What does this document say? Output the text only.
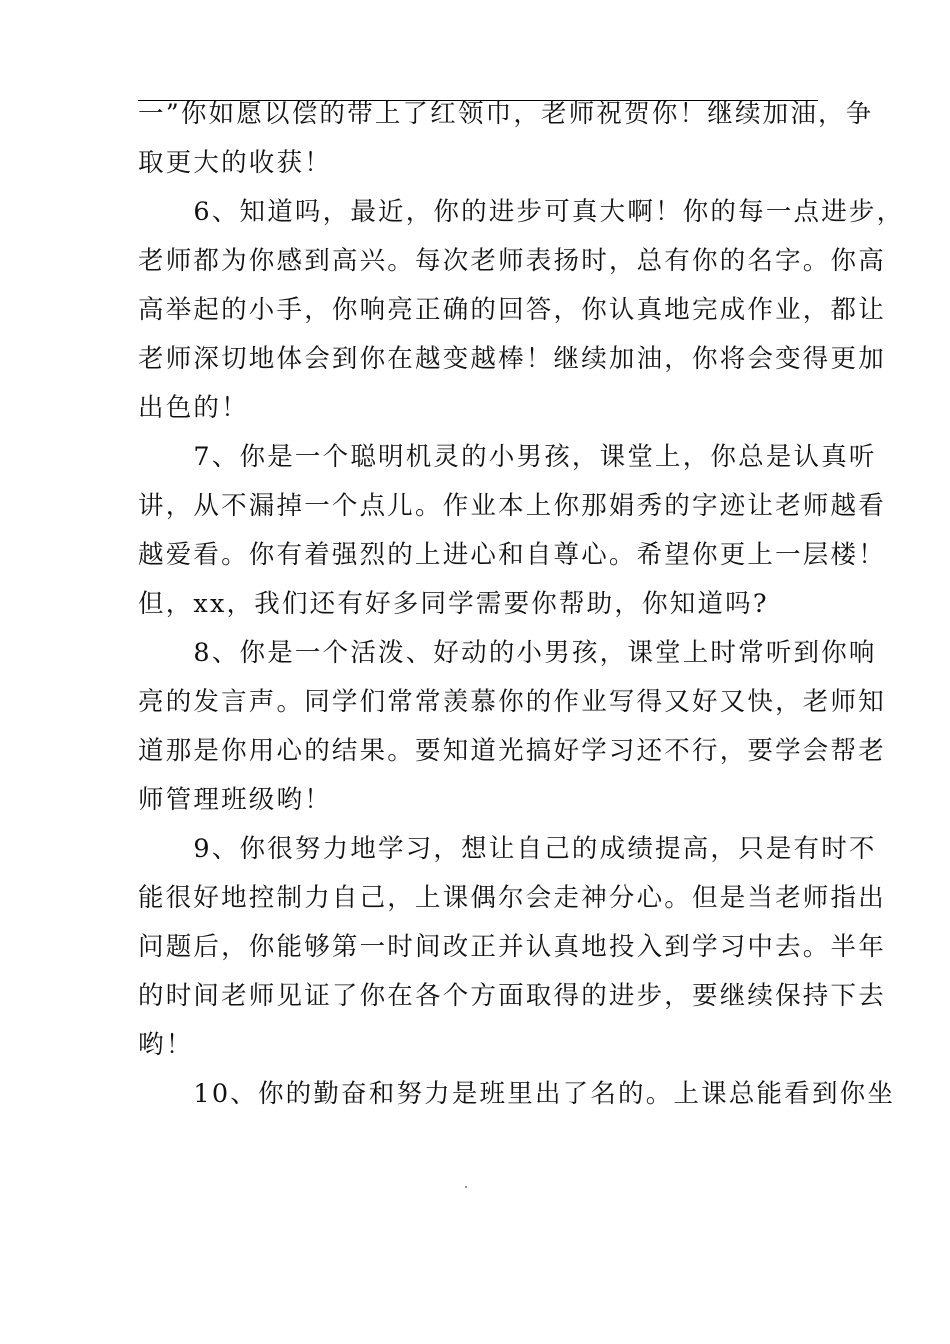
一”你如愿以偿的带上了红领巾，老师祝贺你！继续加油，争
取更大的收获！
　　6、知道吗，最近，你的进步可真大啊！你的每一点进步，
老师都为你感到高兴。每次老师表扬时，总有你的名字。你高
高举起的小手，你响亮正确的回答，你认真地完成作业，都让
老师深切地体会到你在越变越棒！继续加油，你将会变得更加
出色的！
　　7、你是一个聪明机灵的小男孩，课堂上，你总是认真听
讲，从不漏掉一个点儿。作业本上你那娟秀的字迹让老师越看
越爱看。你有着强烈的上进心和自尊心。希望你更上一层楼！
但，xx，我们还有好多同学需要你帮助，你知道吗?
　　8、你是一个活泼、好动的小男孩，课堂上时常听到你响
亮的发言声。同学们常常羡慕你的作业写得又好又快，老师知
道那是你用心的结果。要知道光搞好学习还不行，要学会帮老
师管理班级哟！
　　9、你很努力地学习，想让自己的成绩提高，只是有时不
能很好地控制力自己，上课偶尔会走神分心。但是当老师指出
问题后，你能够第一时间改正并认真地投入到学习中去。半年
的时间老师见证了你在各个方面取得的进步，要继续保持下去
哟！
　　10、你的勤奋和努力是班里出了名的。上课总能看到你坐
